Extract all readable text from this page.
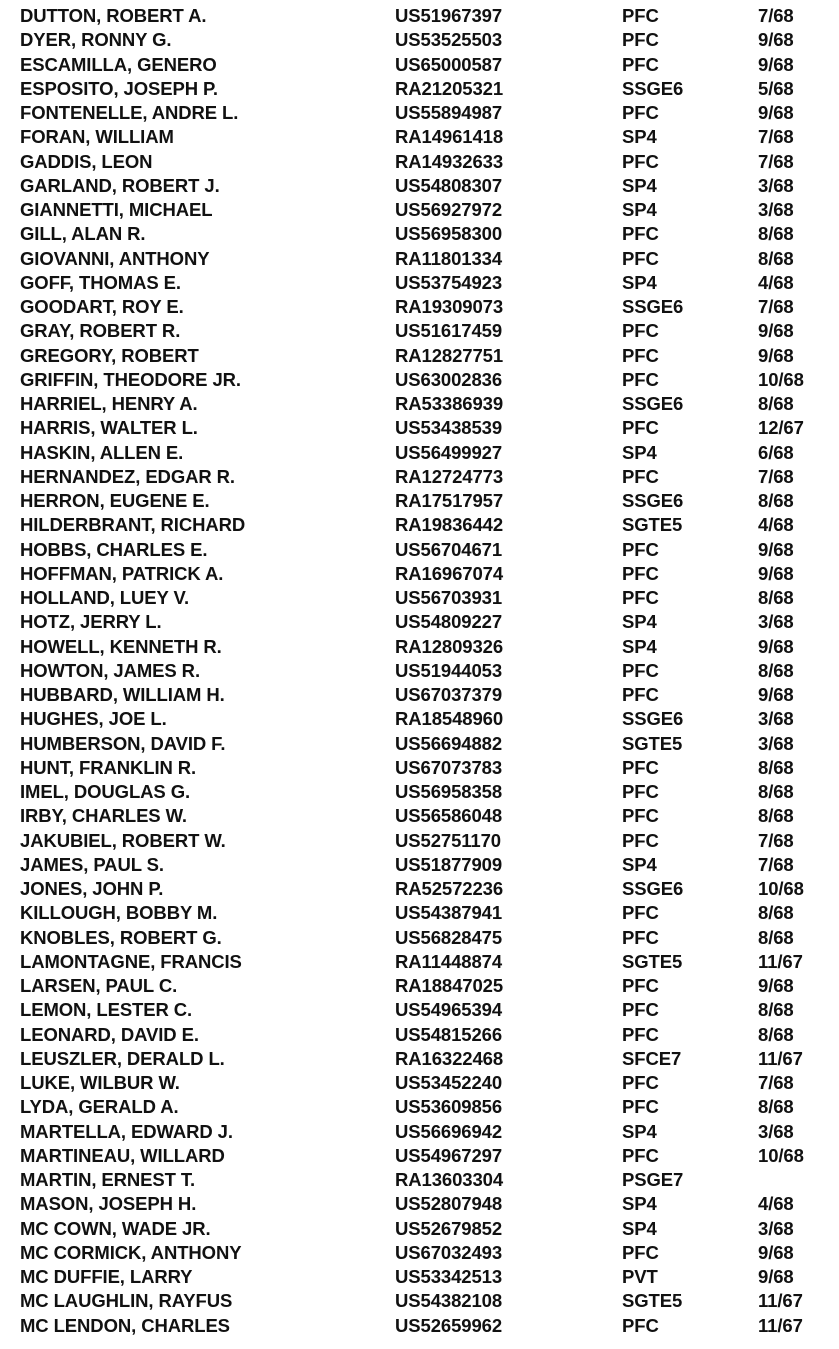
DUTTON, ROBERT A.	US51967397	PFC	7/68
DYER, RONNY G.	US53525503	PFC	9/68
ESCAMILLA, GENERO	US65000587	PFC	9/68
ESPOSITO, JOSEPH P.	RA21205321	SSGE6	5/68
FONTENELLE, ANDRE L.	US55894987	PFC	9/68
FORAN, WILLIAM	RA14961418	SP4	7/68
GADDIS, LEON	RA14932633	PFC	7/68
GARLAND, ROBERT J.	US54808307	SP4	3/68
GIANNETTI, MICHAEL	US56927972	SP4	3/68
GILL, ALAN R.	US56958300	PFC	8/68
GIOVANNI, ANTHONY	RA11801334	PFC	8/68
GOFF, THOMAS E.	US53754923	SP4	4/68
GOODART, ROY E.	RA19309073	SSGE6	7/68
GRAY, ROBERT R.	US51617459	PFC	9/68
GREGORY, ROBERT	RA12827751	PFC	9/68
GRIFFIN, THEODORE JR.	US63002836	PFC	10/68
HARRIEL, HENRY A.	RA53386939	SSGE6	8/68
HARRIS, WALTER L.	US53438539	PFC	12/67
HASKIN, ALLEN E.	US56499927	SP4	6/68
HERNANDEZ, EDGAR R.	RA12724773	PFC	7/68
HERRON, EUGENE E.	RA17517957	SSGE6	8/68
HILDERBRANT, RICHARD	RA19836442	SGTE5	4/68
HOBBS, CHARLES E.	US56704671	PFC	9/68
HOFFMAN, PATRICK A.	RA16967074	PFC	9/68
HOLLAND, LUEY V.	US56703931	PFC	8/68
HOTZ, JERRY L.	US54809227	SP4	3/68
HOWELL, KENNETH R.	RA12809326	SP4	9/68
HOWTON, JAMES R.	US51944053	PFC	8/68
HUBBARD, WILLIAM H.	US67037379	PFC	9/68
HUGHES, JOE L.	RA18548960	SSGE6	3/68
HUMBERSON, DAVID F.	US56694882	SGTE5	3/68
HUNT, FRANKLIN R.	US67073783	PFC	8/68
IMEL, DOUGLAS G.	US56958358	PFC	8/68
IRBY, CHARLES W.	US56586048	PFC	8/68
JAKUBIEL, ROBERT W.	US52751170	PFC	7/68
JAMES, PAUL S.	US51877909	SP4	7/68
JONES, JOHN P.	RA52572236	SSGE6	10/68
KILLOUGH, BOBBY M.	US54387941	PFC	8/68
KNOBLES, ROBERT G.	US56828475	PFC	8/68
LAMONTAGNE, FRANCIS	RA11448874	SGTE5	11/67
LARSEN, PAUL C.	RA18847025	PFC	9/68
LEMON, LESTER C.	US54965394	PFC	8/68
LEONARD, DAVID E.	US54815266	PFC	8/68
LEUSZLER, DERALD L.	RA16322468	SFCE7	11/67
LUKE, WILBUR W.	US53452240	PFC	7/68
LYDA, GERALD A.	US53609856	PFC	8/68
MARTELLA, EDWARD J.	US56696942	SP4	3/68
MARTINEAU, WILLARD	US54967297	PFC	10/68
MARTIN, ERNEST T.	RA13603304	PSGE7
MASON, JOSEPH H.	US52807948	SP4	4/68
MC COWN, WADE JR.	US52679852	SP4	3/68
MC CORMICK, ANTHONY	US67032493	PFC	9/68
MC DUFFIE, LARRY	US53342513	PVT	9/68
MC LAUGHLIN, RAYFUS	US54382108	SGTE5	11/67
MC LENDON, CHARLES	US52659962	PFC	11/67
